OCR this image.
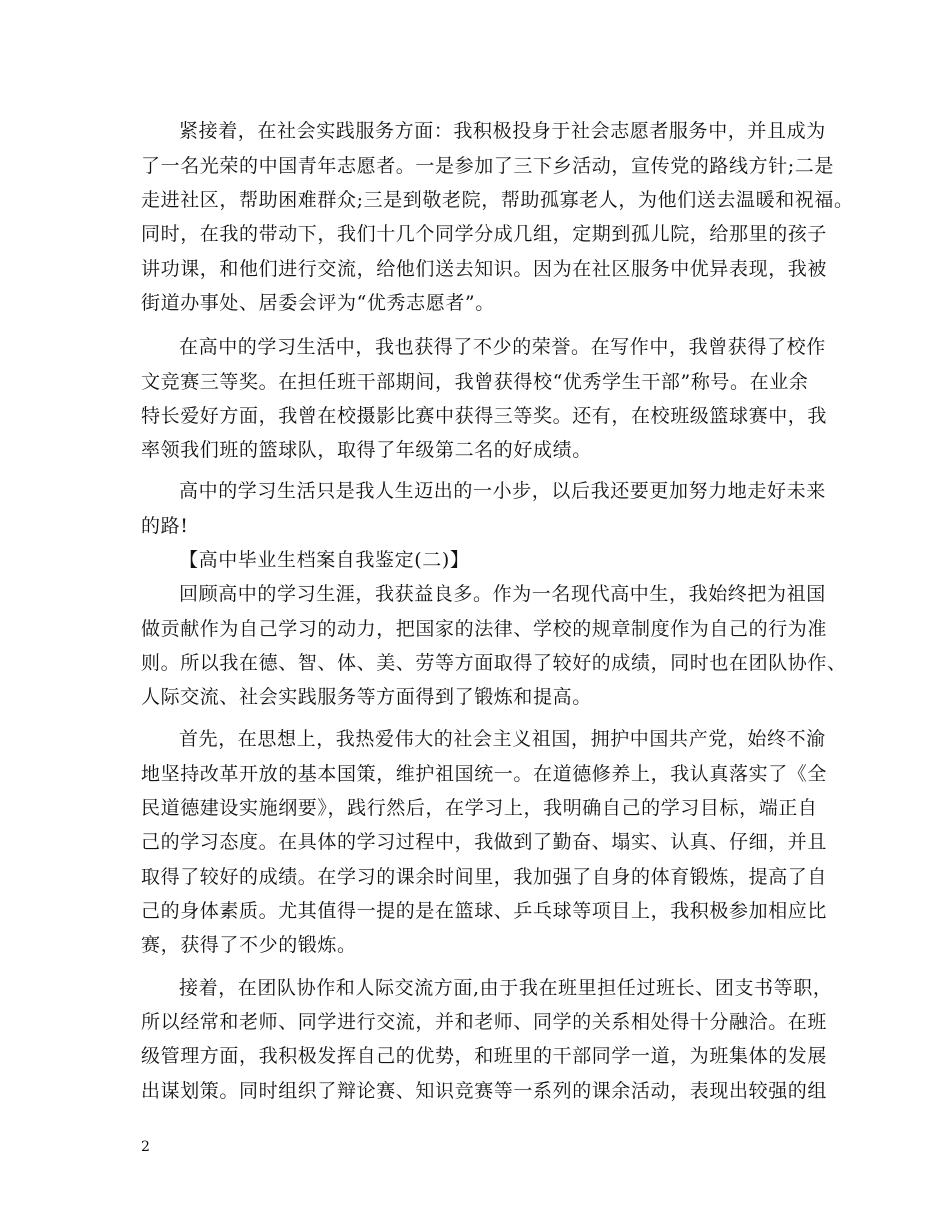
紧接着，在社会实践服务方面：我积极投身于社会志愿者服务中，并且成为
了一名光荣的中国青年志愿者。一是参加了三下乡活动，宣传党的路线方针;二是
走进社区，帮助困难群众;三是到敬老院，帮助孤寡老人，为他们送去温暖和祝福。
同时，在我的带动下，我们十几个同学分成几组，定期到孤儿院，给那里的孩子
讲功课，和他们进行交流，给他们送去知识。因为在社区服务中优异表现，我被
街道办事处、居委会评为“优秀志愿者”。
在高中的学习生活中，我也获得了不少的荣誉。在写作中，我曾获得了校作
文竞赛三等奖。在担任班干部期间，我曾获得校“优秀学生干部”称号。在业余
特长爱好方面，我曾在校摄影比赛中获得三等奖。还有，在校班级篮球赛中，我
率领我们班的篮球队，取得了年级第二名的好成绩。
高中的学习生活只是我人生迈出的一小步，以后我还要更加努力地走好未来
的路!
【高中毕业生档案自我鉴定(二)】
回顾高中的学习生涯，我获益良多。作为一名现代高中生，我始终把为祖国
做贡献作为自己学习的动力，把国家的法律、学校的规章制度作为自己的行为准
则。所以我在德、智、体、美、劳等方面取得了较好的成绩，同时也在团队协作、
人际交流、社会实践服务等方面得到了锻炼和提高。
首先，在思想上，我热爱伟大的社会主义祖国，拥护中国共产党，始终不渝
地坚持改革开放的基本国策，维护祖国统一。在道德修养上，我认真落实了《全
民道德建设实施纲要》，践行然后，在学习上，我明确自己的学习目标，端正自
己的学习态度。在具体的学习过程中，我做到了勤奋、塌实、认真、仔细，并且
取得了较好的成绩。在学习的课余时间里，我加强了自身的体育锻炼，提高了自
己的身体素质。尤其值得一提的是在篮球、乒乓球等项目上，我积极参加相应比
赛，获得了不少的锻炼。
接着，在团队协作和人际交流方面,由于我在班里担任过班长、团支书等职，
所以经常和老师、同学进行交流，并和老师、同学的关系相处得十分融洽。在班
级管理方面，我积极发挥自己的优势，和班里的干部同学一道，为班集体的发展
出谋划策。同时组织了辩论赛、知识竞赛等一系列的课余活动，表现出较强的组
2
